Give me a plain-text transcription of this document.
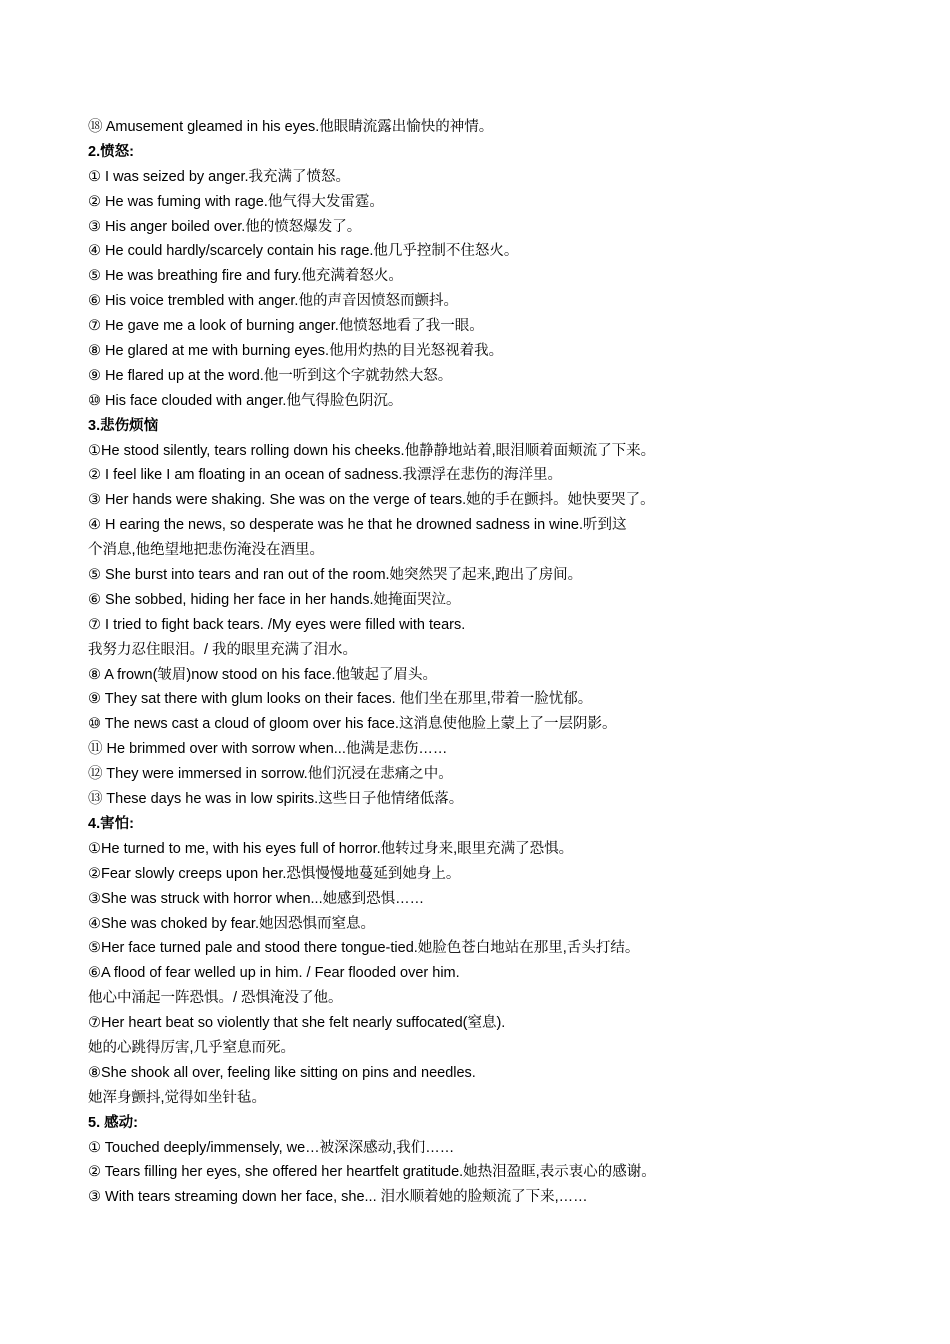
⑱ Amusement gleamed in his eyes.他眼睛流露出愉快的神情。
2.愤怒:
① I was seized by anger.我充满了愤怒。
② He was fuming with rage.他气得大发雷霆。
③ His anger boiled over.他的愤怒爆发了。
④ He could hardly/scarcely contain his rage.他几乎控制不住怒火。
⑤ He was breathing fire and fury.他充满着怒火。
⑥ His voice trembled with anger.他的声音因愤怒而颤抖。
⑦ He gave me a look of burning anger.他愤怒地看了我一眼。
⑧ He glared at me with burning eyes.他用灼热的目光怒视着我。
⑨ He flared up at the word.他一听到这个字就勃然大怒。
⑩ His face clouded with anger.他气得脸色阴沉。
3.悲伤烦恼
①He stood silently, tears rolling down his cheeks.他静静地站着,眼泪顺着面颊流了下来。
② I feel like I am floating in an ocean of sadness.我漂浮在悲伤的海洋里。
③ Her hands were shaking. She was on the verge of tears.她的手在颤抖。她快要哭了。
④ H earing the news, so desperate was he that he drowned sadness in wine.听到这
个消息,他绝望地把悲伤淹没在酒里。
⑤ She burst into tears and ran out of the room.她突然哭了起来,跑出了房间。
⑥ She sobbed, hiding her face in her hands.她掩面哭泣。
⑦ I tried to fight back tears. /My eyes were filled with tears.
我努力忍住眼泪。/ 我的眼里充满了泪水。
⑧ A frown(皱眉)now stood on his face.他皱起了眉头。
⑨ They sat there with glum looks on their faces. 他们坐在那里,带着一脸忧郁。
⑩ The news cast a cloud of gloom over his face.这消息使他脸上蒙上了一层阴影。
⑪ He brimmed over with sorrow when...他满是悲伤……
⑫ They were immersed in sorrow.他们沉浸在悲痛之中。
⑬ These days he was in low spirits.这些日子他情绪低落。
4.害怕:
①He turned to me, with his eyes full of horror.他转过身来,眼里充满了恐惧。
②Fear slowly creeps upon her.恐惧慢慢地蔓延到她身上。
③She was struck with horror when...她感到恐惧……
④She was choked by fear.她因恐惧而窒息。
⑤Her face turned pale and stood there tongue-tied.她脸色苍白地站在那里,舌头打结。
⑥A flood of fear welled up in him. / Fear flooded over him.
他心中涌起一阵恐惧。/ 恐惧淹没了他。
⑦Her heart beat so violently that she felt nearly suffocated(窒息).
她的心跳得厉害,几乎窒息而死。
⑧She shook all over, feeling like sitting on pins and needles.
她浑身颤抖,觉得如坐针毡。
5. 感动:
① Touched deeply/immensely, we…被深深感动,我们……
② Tears filling her eyes, she offered her heartfelt gratitude.她热泪盈眶,表示衷心的感谢。
③ With tears streaming down her face, she... 泪水顺着她的脸颊流了下来,……
